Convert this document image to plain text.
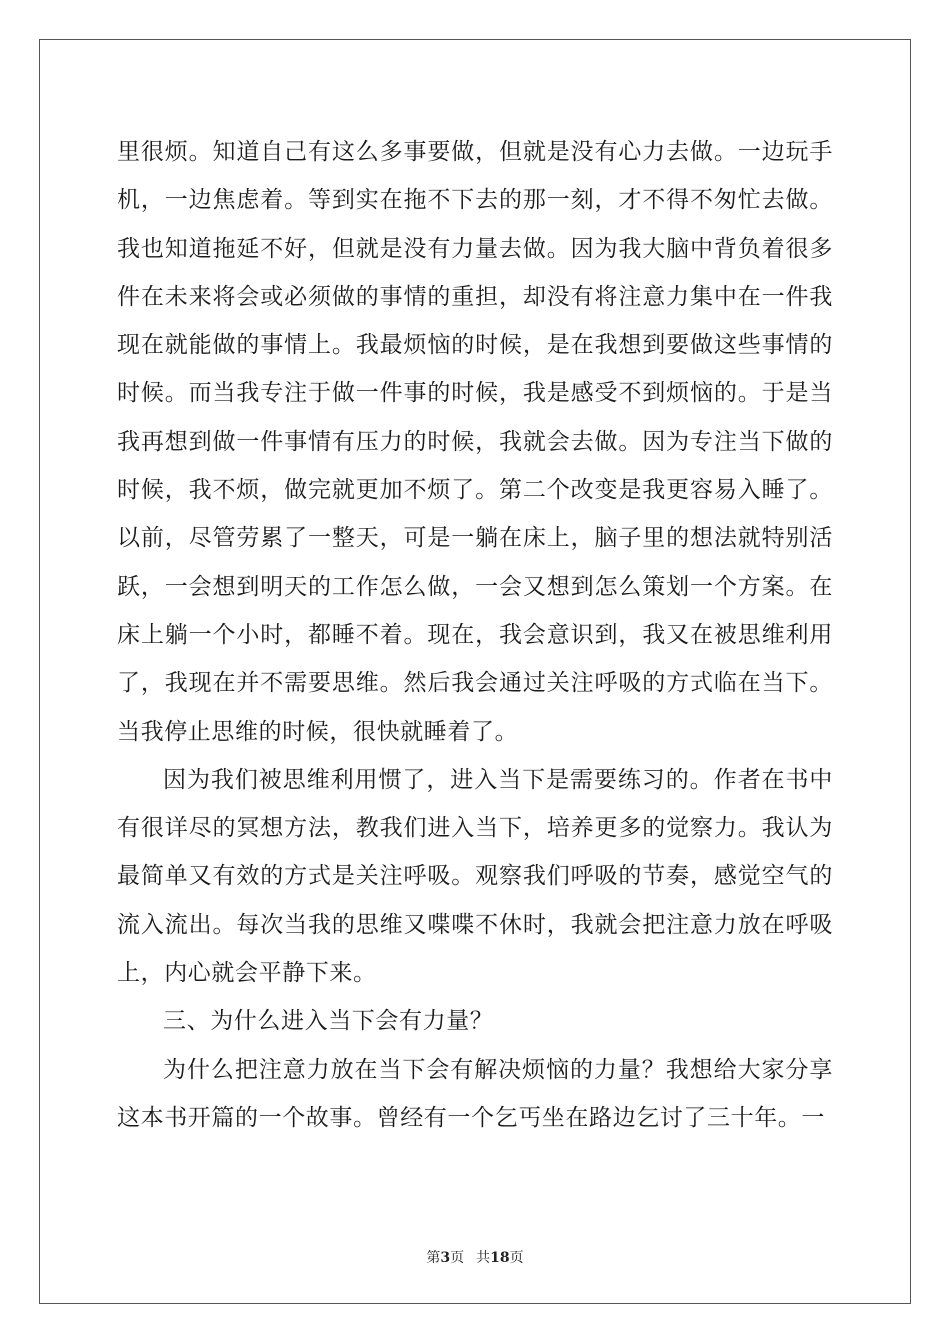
里很烦。知道自己有这么多事要做，但就是没有心力去做。一边玩手机，一边焦虑着。等到实在拖不下去的那一刻，才不得不匆忙去做。我也知道拖延不好，但就是没有力量去做。因为我大脑中背负着很多件在未来将会或必须做的事情的重担，却没有将注意力集中在一件我现在就能做的事情上。我最烦恼的时候，是在我想到要做这些事情的时候。而当我专注于做一件事的时候，我是感受不到烦恼的。于是当我再想到做一件事情有压力的时候，我就会去做。因为专注当下做的时候，我不烦，做完就更加不烦了。第二个改变是我更容易入睡了。以前，尽管劳累了一整天，可是一躺在床上，脑子里的想法就特别活跃，一会想到明天的工作怎么做，一会又想到怎么策划一个方案。在床上躺一个小时，都睡不着。现在，我会意识到，我又在被思维利用了，我现在并不需要思维。然后我会通过关注呼吸的方式临在当下。当我停止思维的时候，很快就睡着了。

因为我们被思维利用惯了，进入当下是需要练习的。作者在书中有很详尽的冥想方法，教我们进入当下，培养更多的觉察力。我认为最简单又有效的方式是关注呼吸。观察我们呼吸的节奏，感觉空气的流入流出。每次当我的思维又喋喋不休时，我就会把注意力放在呼吸上，内心就会平静下来。

三、为什么进入当下会有力量？

为什么把注意力放在当下会有解决烦恼的力量？我想给大家分享这本书开篇的一个故事。曾经有一个乞丐坐在路边乞讨了三十年。一

第3页 共18页
